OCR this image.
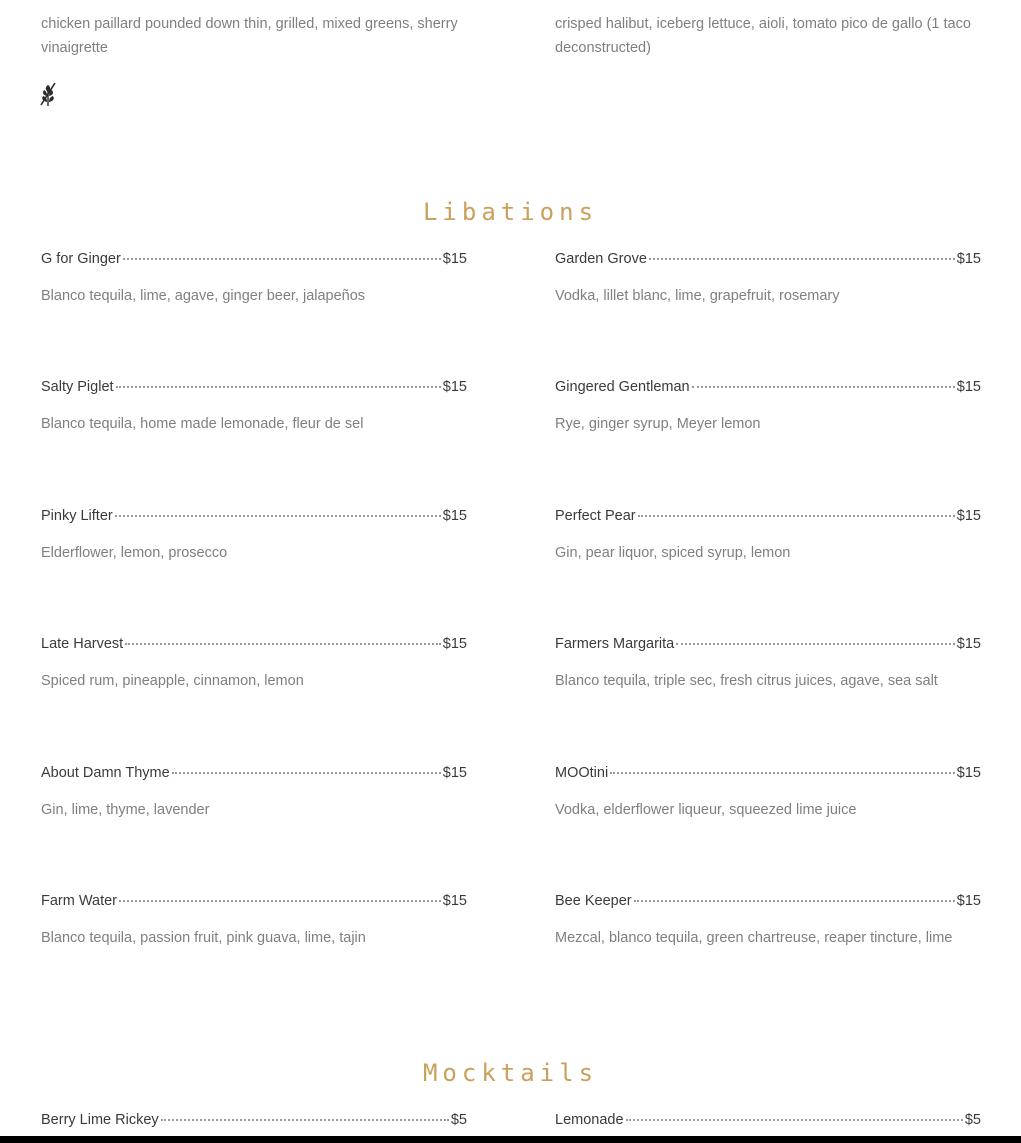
chicken paillard pounded down thin, grilled, mixed greens, sherry vinaigrette
crisped halibut, iceberg lettuce, aioli, tomato pico de gallo (1 taco deconstructed)
Libations
G for Ginger	$15
Blanco tequila, lime, agave, ginger beer, jalapeños
Garden Grove	$15
Vodka, lillet blanc, lime, grapefruit, rosemary
Salty Piglet	$15
Blanco tequila, home made lemonade, fleur de sel
Gingered Gentleman	$15
Rye, ginger syrup, Meyer lemon
Pinky Lifter	$15
Elderflower, lemon, prosecco
Perfect Pear	$15
Gin, pear liquor, spiced syrup, lemon
Late Harvest	$15
Spiced rum, pineapple, cinnamon, lemon
Farmers Margarita	$15
Blanco tequila, triple sec, fresh citrus juices, agave, sea salt
About Damn Thyme	$15
Gin, lime, thyme, lavender
MOOtini	$15
Vodka, elderflower liqueur, squeezed lime juice
Farm Water	$15
Blanco tequila, passion fruit, pink guava, lime, tajin
Bee Keeper	$15
Mezcal, blanco tequila, green chartreuse, reaper tincture, lime
Mocktails
Berry Lime Rickey	$5	Lemonade	$5
